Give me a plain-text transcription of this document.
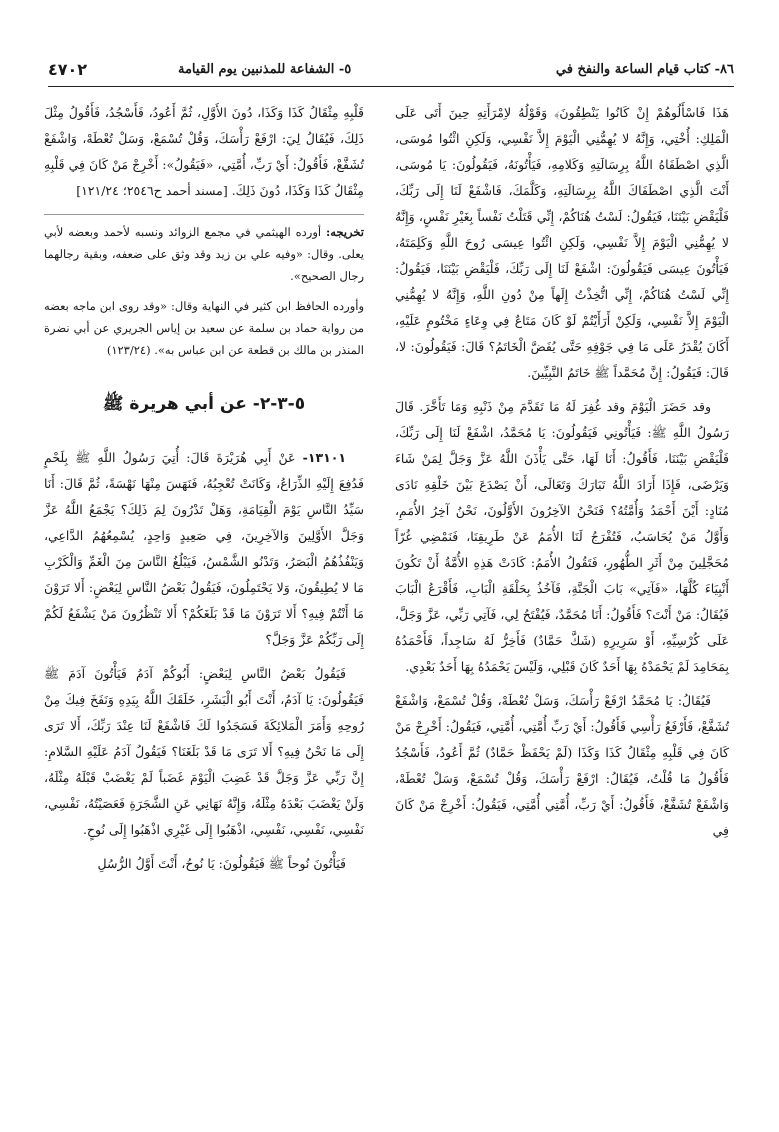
٨٦- كتاب قيام الساعة والنفخ في
٥- الشفاعة للمذنبين يوم القيامة
٤٧٠٢

هَذَا فَاسْأَلُوهُمْ إِنْ كَانُوا يَنْطِقُونَ﴾ وَقَوْلُهُ لاِمْرَأَتِهِ حِينَ أَتَى عَلَى الْمَلِكِ: أُخْتِي، وَإِنَّهُ لا يُهِمُّنِي الْيَوْمَ إِلاَّ نَفْسِي، وَلَكِنِ ائْتُوا مُوسَى، الَّذِي اصْطَفَاهُ اللَّهُ بِرِسَالَتِهِ وَكَلامِهِ، فَيَأْتُونَهُ، فَيَقُولُونَ: يَا مُوسَى، أَنْتَ الَّذِي اصْطَفَاكَ اللَّهُ بِرِسَالَتِهِ، وَكَلَّمَكَ، فَاشْفَعْ لَنَا إِلَى رَبِّكَ، فَلْيَقْضِ بَيْنَنَا، فَيَقُولُ: لَسْتُ هُنَاكُمْ، إِنِّي قَتَلْتُ نَفْساً بِغَيْرِ نَفْسٍ، وَإِنَّهُ لا يُهِمُّنِي الْيَوْمَ إِلاَّ نَفْسِي، وَلَكِنِ ائْتُوا عِيسَى رُوحَ اللَّهِ وَكَلِمَتَهُ، فَيَأْتُونَ عِيسَى فَيَقُولُونَ: اشْفَعْ لَنَا إِلَى رَبِّكَ، فَلْيَقْضِ بَيْنَنَا، فَيَقُولُ: إِنِّي لَسْتُ هُنَاكُمْ، إِنِّي اتُّخِذْتُ إِلَهاً مِنْ دُونِ اللَّهِ، وَإِنَّهُ لا يُهِمُّنِي الْيَوْمَ إِلاَّ نَفْسِي، وَلَكِنْ أَرَأَيْتُمْ لَوْ كَانَ مَتَاعٌ فِي وِعَاءٍ مَخْتُومٍ عَلَيْهِ، أَكَانَ يُقْدَرُ عَلَى مَا فِي جَوْفِهِ حَتَّى يُفَضَّ الْخَاتَمُ؟ قَالَ: فَيَقُولُونَ: لا، قَالَ: فَيَقُولُ: إِنَّ مُحَمَّداً ﷺ خَاتَمُ النَّبِيِّينَ.

وقد حَضَرَ الْيَوْمَ وقد غُفِرَ لَهُ مَا تَقَدَّمَ مِنْ ذَنْبِهِ وَمَا تَأَخَّرَ. قَالَ رَسُولُ اللَّهِ ﷺ: فَيَأْتُونِي فَيَقُولُونَ: يَا مُحَمَّدُ، اشْفَعْ لَنَا إِلَى رَبِّكَ، فَلْيَقْضِ بَيْنَنَا، فَأَقُولُ: أَنَا لَهَا، حَتَّى يَأْذَنَ اللَّهُ عَزَّ وَجَلَّ لِمَنْ شَاءَ وَيَرْضَى، فَإِذَا أَرَادَ اللَّهُ تَبَارَكَ وَتَعَالَى، أَنْ يَصْدَعَ بَيْنَ خَلْقِهِ نَادَى مُنَادٍ: أَيْنَ أَحْمَدُ وَأُمَّتُهُ؟ فَنَحْنُ الآخِرُونَ الأَوَّلُونَ، نَحْنُ آخِرُ الأُمَمِ، وَأَوَّلُ مَنْ يُحَاسَبُ، فَتُفْرَجُ لَنَا الأُمَمُ عَنْ طَرِيقِنَا، فَنَمْضِي غُرّاً مُحَجَّلِينَ مِنْ أَثَرِ الطُّهُورِ، فَتَقُولُ الأُمَمُ: كَادَتْ هَذِهِ الأُمَّةُ أَنْ تَكُونَ أَنْبِيَاءَ كُلَّهَا، «فَآتِي» بَابَ الْجَنَّةِ، فَآخُذُ بِحَلْقَةِ الْبَابِ، فَأَقْرَعُ الْبَابَ فَيُقَالُ: مَنْ أَنْتَ؟ فَأَقُولُ: أَنَا مُحَمَّدٌ، فَيُفْتَحُ لِي، فَآتِي رَبِّي، عَزَّ وَجَلَّ، عَلَى كُرْسِيِّهِ، أَوْ سَرِيرِهِ (شَكَّ حَمَّادٌ) فَأَخِرُّ لَهُ سَاجِداً، فَأَحْمَدُهُ بِمَحَامِدَ لَمْ يَحْمَدْهُ بِهَا أَحَدٌ كَانَ قَبْلِي، وَلَيْسَ يَحْمَدُهُ بِهَا أَحَدٌ بَعْدِي.

فَيُقَالُ: يَا مُحَمَّدُ ارْفَعْ رَأْسَكَ، وَسَلْ تُعْطَهْ، وَقُلْ تُسْمَعْ، وَاشْفَعْ تُشَفَّعْ، فَأَرْفَعُ رَأْسِي فَأَقُولُ: أَيْ رَبِّ أُمَّتِي، أُمَّتِي، فَيَقُولُ: أَخْرِجْ مَنْ كَانَ فِي قَلْبِهِ مِثْقَالُ كَذَا وَكَذَا (لَمْ يَحْفَظْ حَمَّادٌ) ثُمَّ أَعُودُ، فَأَسْجُدُ فَأَقُولُ مَا قُلْتُ، فَيُقَالُ: ارْفَعْ رَأْسَكَ، وَقُلْ تُسْمَعْ، وَسَلْ تُعْطَهْ، وَاشْفَعْ تُشَفَّعْ، فَأَقُولُ: أَيْ رَبِّ، أُمَّتِي أُمَّتِي، فَيَقُولُ: أَخْرِجْ مَنْ كَانَ فِي

قَلْبِهِ مِثْقَالُ كَذَا وَكَذَا، دُونَ الأَوَّلِ، ثُمَّ أَعُودُ، فَأَسْجُدُ، فَأَقُولُ مِثْلَ ذَلِكَ، فَيُقَالُ لِيَ: ارْفَعْ رَأْسَكَ، وَقُلْ تُسْمَعْ، وَسَلْ تُعْطَهْ، وَاشْفَعْ تُشَفَّعْ، فَأَقُولُ: أَيْ رَبِّ، أُمَّتِي، «فَيَقُولُ»: أَخْرِجْ مَنْ كَانَ فِي قَلْبِهِ مِثْقَالُ كَذَا وَكَذَا، دُونَ ذَلِكَ. [مسند أحمد ح٢٥٤٦؛ ١٢١/٢٤]

تخريجه: أورده الهيثمي في مجمع الزوائد ونسبه لأحمد وبعضه لأبي يعلى. وقال: «وفيه علي بن زيد وقد وثق على ضعفه، وبقية رجالهما رجال الصحيح».

وأورده الحافظ ابن كثير في النهاية وقال: «وقد روى ابن ماجه بعضه من رواية حماد بن سلمة عن سعيد بن إياس الجريري عن أبي نضرة المنذر بن مالك بن قطعة عن ابن عباس به». (١٢٣/٢٤)

٥-٣-٢- عن أبي هريرة ﷺ

١٣١٠١- عَنْ أَبِي هُرَيْرَةَ قَالَ: أُتِيَ رَسُولُ اللَّهِ ﷺ بِلَحْمٍ فَدُفِعَ إِلَيْهِ الذِّرَاعُ، وَكَانَتْ تُعْجِبُهُ، فَنَهَسَ مِنْهَا نَهْسَةً، ثُمَّ قَالَ: أَنَا سَيِّدُ النَّاسِ يَوْمَ الْقِيَامَةِ، وَهَلْ تَدْرُونَ لِمَ ذَلِكَ؟ يَجْمَعُ اللَّهُ عَزَّ وَجَلَّ الأَوَّلِينَ وَالآخِرِينَ، فِي صَعِيدٍ وَاحِدٍ، يُسْمِعُهُمُ الدَّاعِي، وَيَنْفُذُهُمُ الْبَصَرُ، وَتَدْنُو الشَّمْسُ، فَيَبْلُغُ النَّاسَ مِنَ الْغَمِّ وَالْكَرْبِ مَا لا يُطِيقُونَ، وَلا يَحْتَمِلُونَ، فَيَقُولُ بَعْضُ النَّاسِ لِبَعْضٍ: أَلا تَرَوْنَ مَا أَنْتُمْ فِيهِ؟ أَلا تَرَوْنَ مَا قَدْ بَلَغَكُمْ؟ أَلا تَنْظُرُونَ مَنْ يَشْفَعُ لَكُمْ إِلَى رَبِّكُمْ عَزَّ وَجَلَّ؟

فَيَقُولُ بَعْضُ النَّاسِ لِبَعْضٍ: أَبُوكُمْ آدَمُ فَيَأْتُونَ آدَمَ ﷺ فَيَقُولُونَ: يَا آدَمُ، أَنْتَ أَبُو الْبَشَرِ، خَلَقَكَ اللَّهُ بِيَدِهِ وَنَفَخَ فِيكَ مِنْ رُوحِهِ وَأَمَرَ الْمَلائِكَةَ فَسَجَدُوا لَكَ فَاشْفَعْ لَنَا عِنْدَ رَبِّكَ، أَلا تَرَى إِلَى مَا نَحْنُ فِيهِ؟ أَلا تَرَى مَا قَدْ بَلَغَنَا؟ فَيَقُولُ آدَمُ عَلَيْهِ السَّلامِ: إِنَّ رَبِّي عَزَّ وَجَلَّ قَدْ غَضِبَ الْيَوْمَ غَضَباً لَمْ يَغْضَبْ قَبْلَهُ مِثْلَهُ، وَلَنْ يَغْضَبَ بَعْدَهُ مِثْلَهُ، وَإِنَّهُ نَهَانِي عَنِ الشَّجَرَةِ فَعَصَيْتُهُ، نَفْسِي، نَفْسِي، نَفْسِي، نَفْسِي، اذْهَبُوا إِلَى غَيْرِي اذْهَبُوا إِلَى نُوحٍ.

فَيَأْتُونَ نُوحاً ﷺ فَيَقُولُونَ: يَا نُوحُ، أَنْتَ أَوَّلُ الرُّسُلِ
